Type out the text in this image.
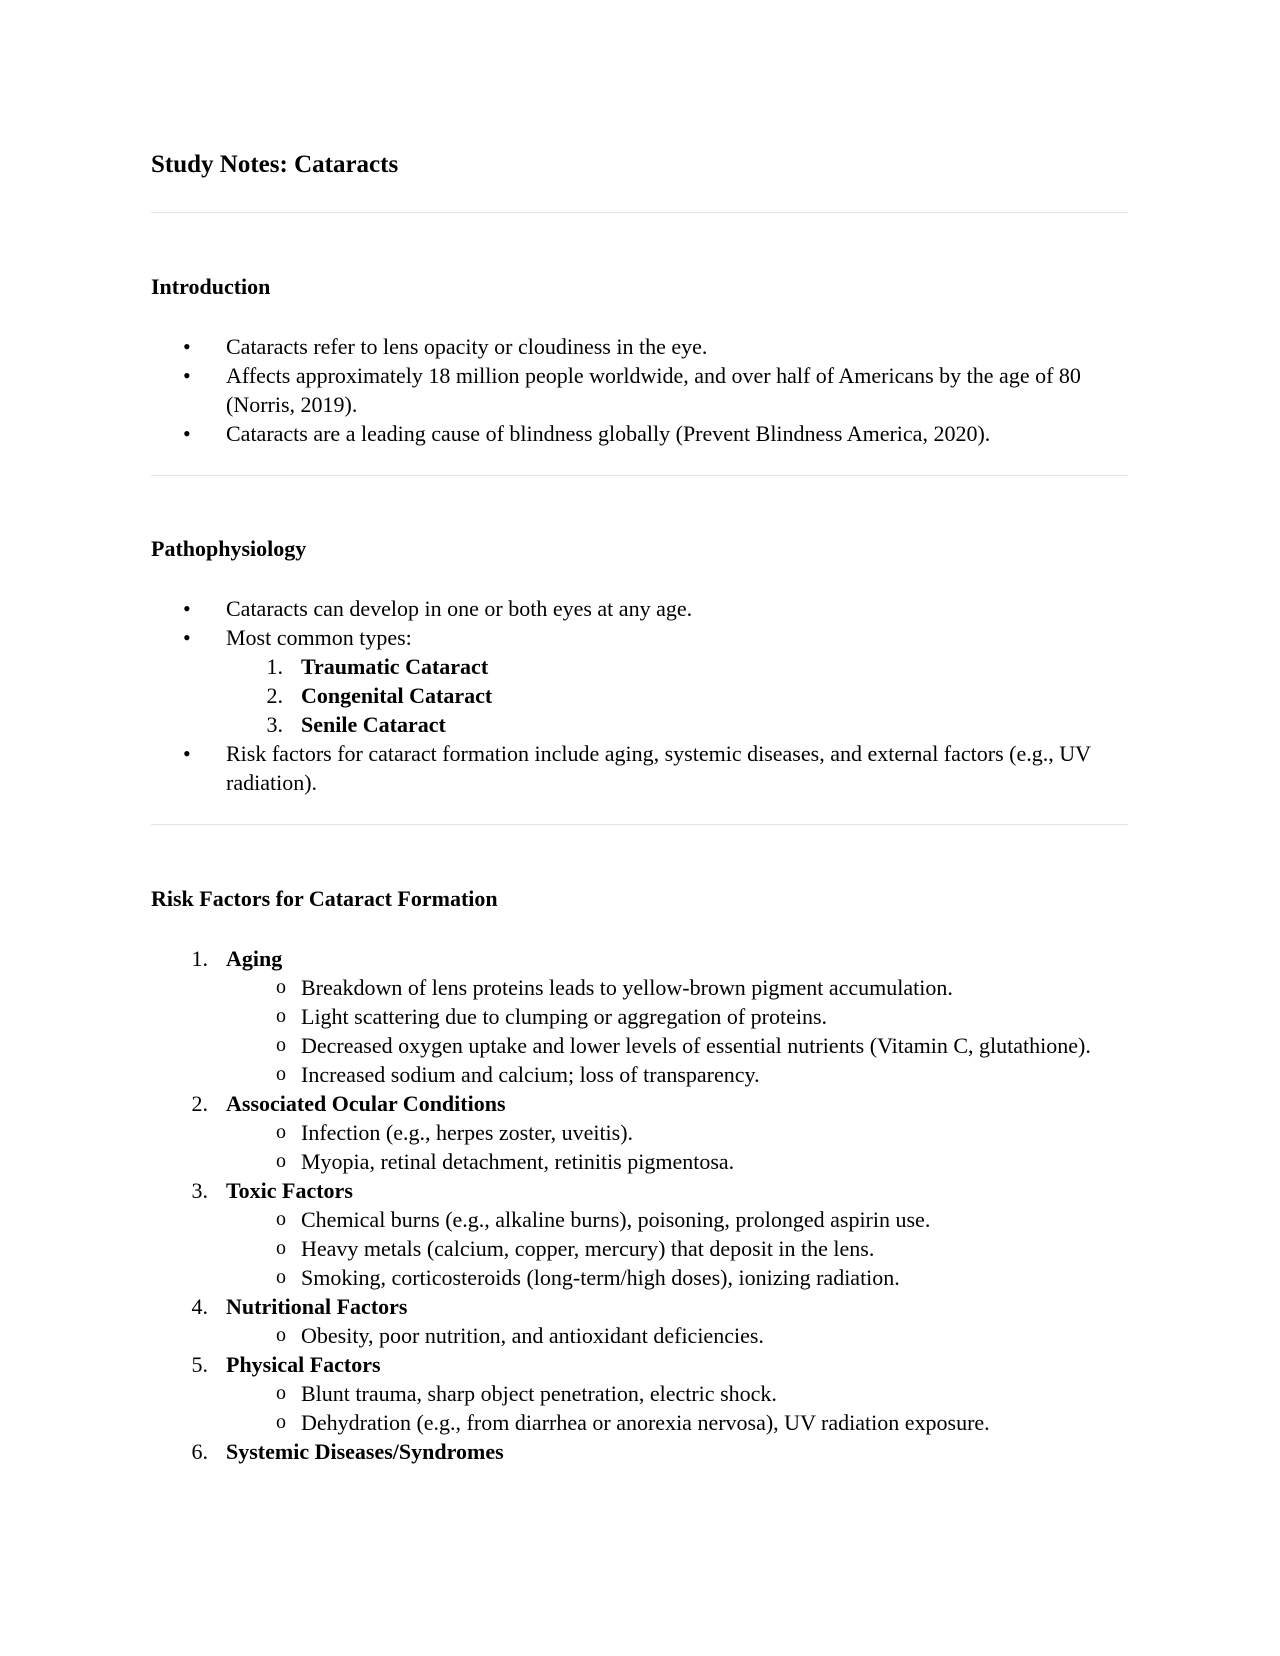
Study Notes: Cataracts
Introduction
• Cataracts refer to lens opacity or cloudiness in the eye.
• Affects approximately 18 million people worldwide, and over half of Americans by the age of 80 (Norris, 2019).
• Cataracts are a leading cause of blindness globally (Prevent Blindness America, 2020).
Pathophysiology
• Cataracts can develop in one or both eyes at any age.
• Most common types:
1. Traumatic Cataract
2. Congenital Cataract
3. Senile Cataract
• Risk factors for cataract formation include aging, systemic diseases, and external factors (e.g., UV radiation).
Risk Factors for Cataract Formation
1. Aging
o Breakdown of lens proteins leads to yellow-brown pigment accumulation.
o Light scattering due to clumping or aggregation of proteins.
o Decreased oxygen uptake and lower levels of essential nutrients (Vitamin C, glutathione).
o Increased sodium and calcium; loss of transparency.
2. Associated Ocular Conditions
o Infection (e.g., herpes zoster, uveitis).
o Myopia, retinal detachment, retinitis pigmentosa.
3. Toxic Factors
o Chemical burns (e.g., alkaline burns), poisoning, prolonged aspirin use.
o Heavy metals (calcium, copper, mercury) that deposit in the lens.
o Smoking, corticosteroids (long-term/high doses), ionizing radiation.
4. Nutritional Factors
o Obesity, poor nutrition, and antioxidant deficiencies.
5. Physical Factors
o Blunt trauma, sharp object penetration, electric shock.
o Dehydration (e.g., from diarrhea or anorexia nervosa), UV radiation exposure.
6. Systemic Diseases/Syndromes
